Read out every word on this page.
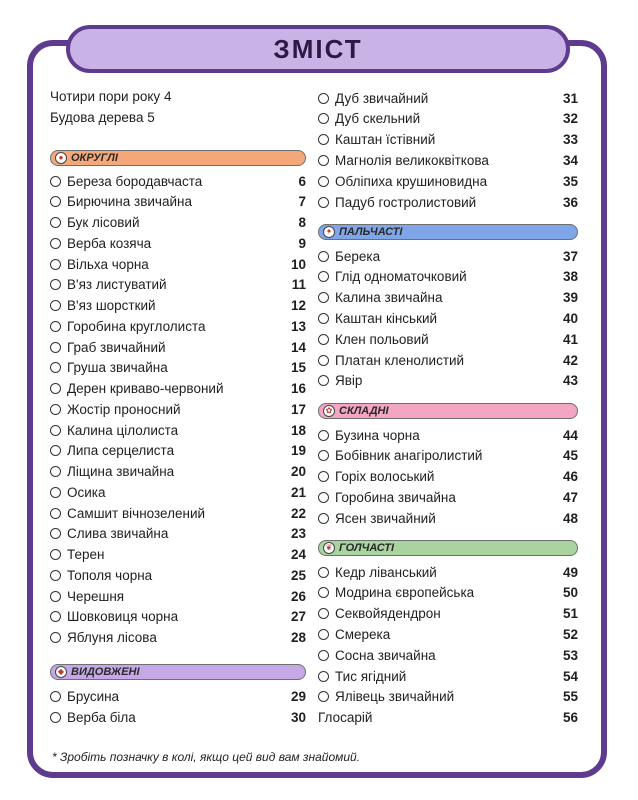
ЗМІСТ
Чотири пори року 4
Будова дерева 5
● ОКРУГЛІ
Береза бородавчаста	6
Бирючина звичайна	7
Бук лісовий	8
Верба козяча	9
Вільха чорна	10
В'яз листуватий	11
В'яз шорсткий	12
Горобина круглолиста	13
Граб звичайний	14
Груша звичайна	15
Дерен криваво-червоний	16
Жостір проносний	17
Калина цілолиста	18
Липа серцелиста	19
Ліщина звичайна	20
Осика	21
Самшит вічнозелений	22
Слива звичайна	23
Терен	24
Тополя чорна	25
Черешня	26
Шовковиця чорна	27
Яблуня лісова	28
◆ ВИДОВЖЕНІ
Брусина	29
Верба біла	30
Дуб звичайний	31
Дуб скельний	32
Каштан їстівний	33
Магнолія великоквіткова	34
Обліпиха крушиновидна	35
Падуб гостролистовий	36
✦ ПАЛЬЧАСТІ
Берека	37
Глід одноматочковий	38
Калина звичайна	39
Каштан кінський	40
Клен польовий	41
Платан кленолистий	42
Явір	43
✿ СКЛАДНІ
Бузина чорна	44
Бобівник анагіролистий	45
Горіх волоський	46
Горобина звичайна	47
Ясен звичайний	48
❦ ГОЛЧАСТІ
Кедр ліванський	49
Модрина європейська	50
Секвойядендрон	51
Смерека	52
Сосна звичайна	53
Тис ягідний	54
Ялівець звичайний	55
Глосарій	56
* Зробіть позначку в колі, якщо цей вид вам знайомий.
